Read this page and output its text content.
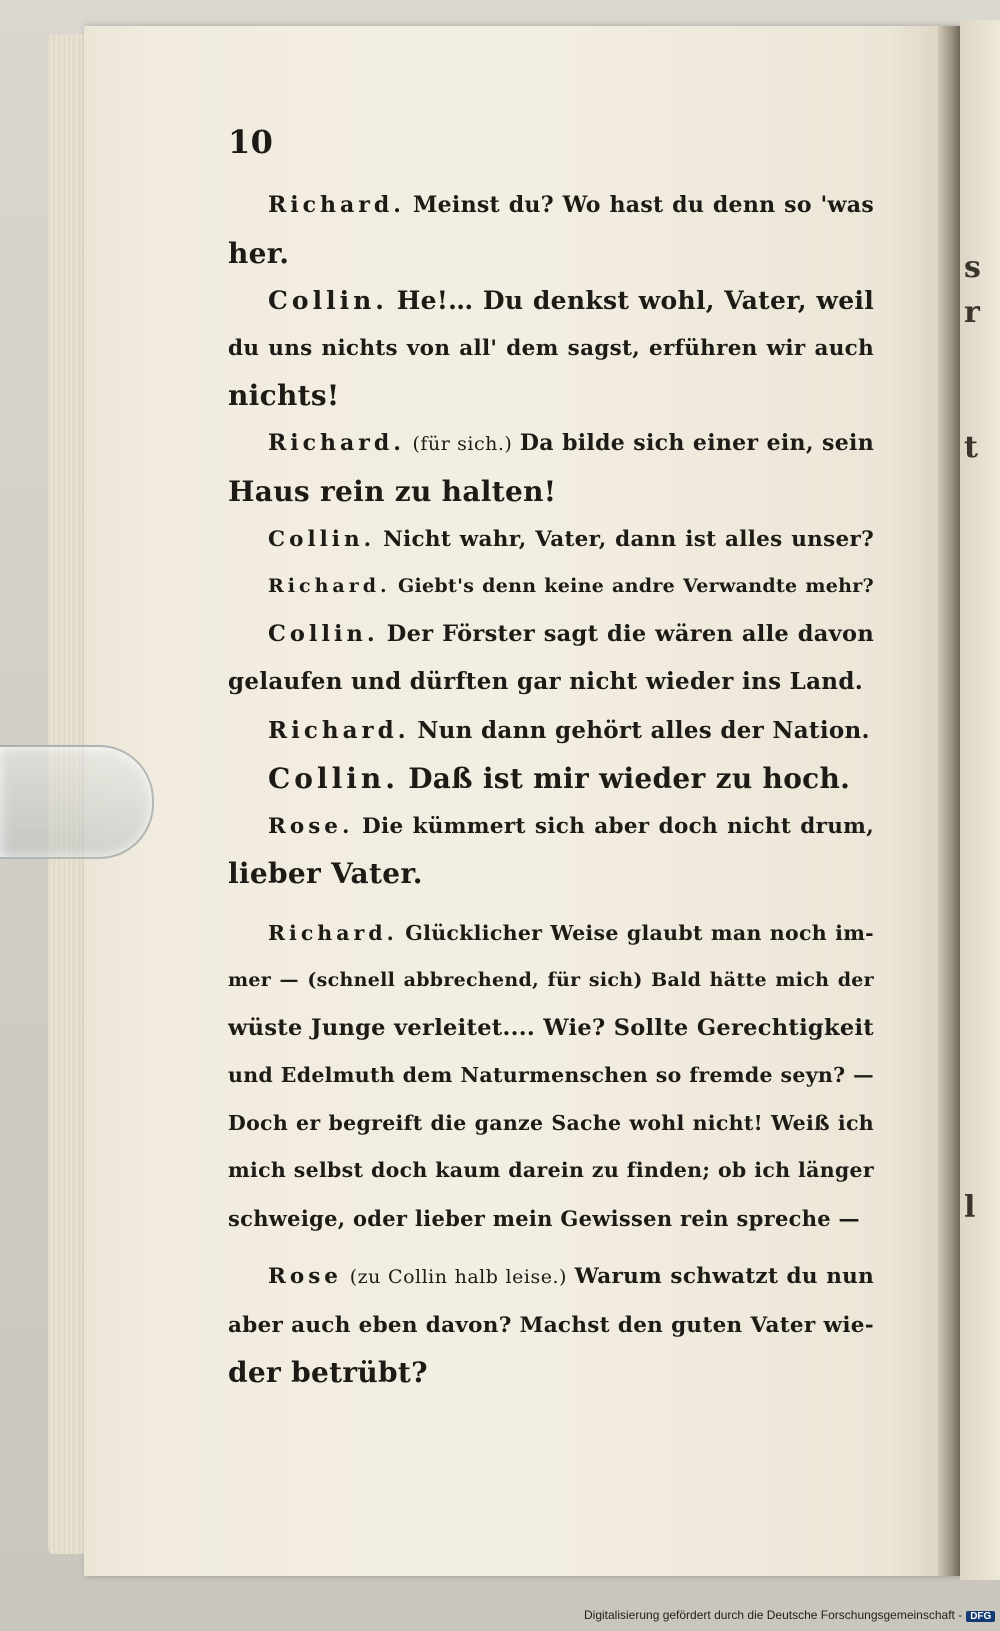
s
r
t
l
10

Richard. Meinst du? Wo hast du denn so 'was

her.

Collin. He!… Du denkst wohl, Vater, weil

du uns nichts von all' dem sagst, erführen wir auch

nichts!

Richard. (für sich.) Da bilde sich einer ein, sein

Haus rein zu halten!

Collin. Nicht wahr, Vater, dann ist alles unser?

Richard. Giebt's denn keine andre Verwandte mehr?

Collin. Der Förster sagt die wären alle davon

gelaufen und dürften gar nicht wieder ins Land.

Richard. Nun dann gehört alles der Nation.

Collin. Daß ist mir wieder zu hoch.

Rose. Die kümmert sich aber doch nicht drum,

lieber Vater.

Richard. Glücklicher Weise glaubt man noch im-

mer — (schnell abbrechend, für sich) Bald hätte mich der

wüste Junge verleitet.... Wie? Sollte Gerechtigkeit

und Edelmuth dem Naturmenschen so fremde seyn? —

Doch er begreift die ganze Sache wohl nicht! Weiß ich

mich selbst doch kaum darein zu finden; ob ich länger

schweige, oder lieber mein Gewissen rein spreche —

Rose (zu Collin halb leise.) Warum schwatzt du nun

aber auch eben davon? Machst den guten Vater wie-

der betrübt?

Digitalisierung gefördert durch die Deutsche Forschungsgemeinschaft - DFG
